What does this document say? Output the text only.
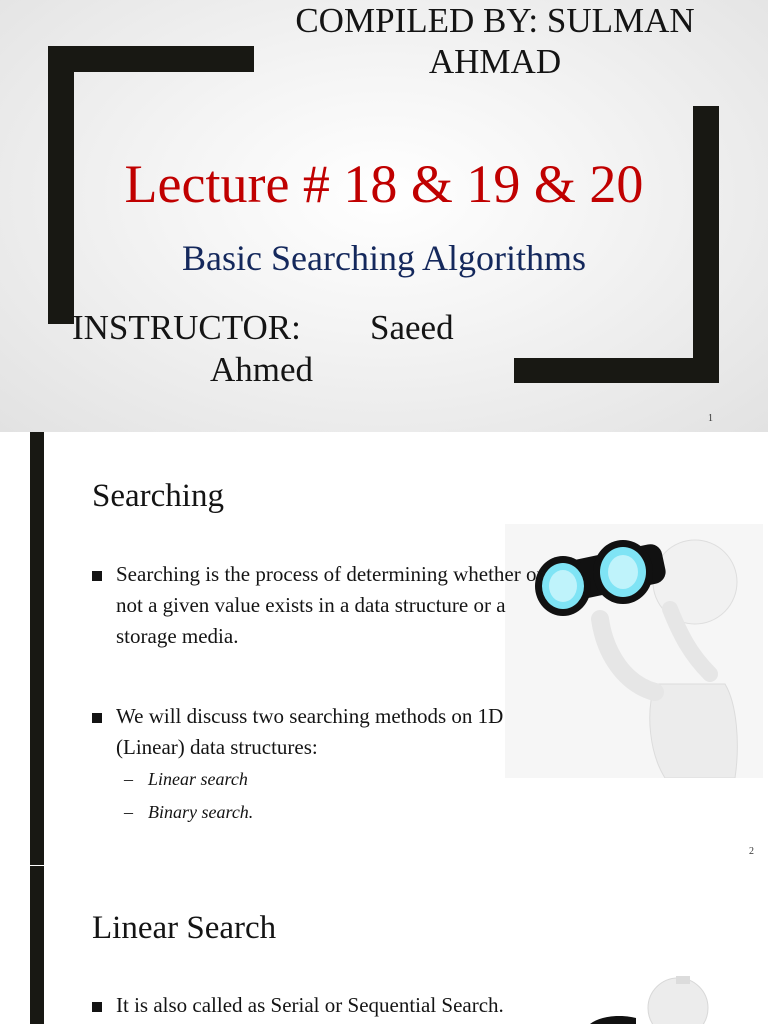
COMPILED BY: SULMAN
AHMAD
Lecture # 18 & 19 & 20
Basic Searching Algorithms
INSTRUCTOR: Saeed
Ahmed
1
Searching
Searching is the process of determining whether or not a given value exists in a data structure or a storage media.
We will discuss two searching methods on 1D (Linear) data structures:
– Linear search
– Binary search.
2
Linear Search
It is also called as Serial or Sequential Search.
